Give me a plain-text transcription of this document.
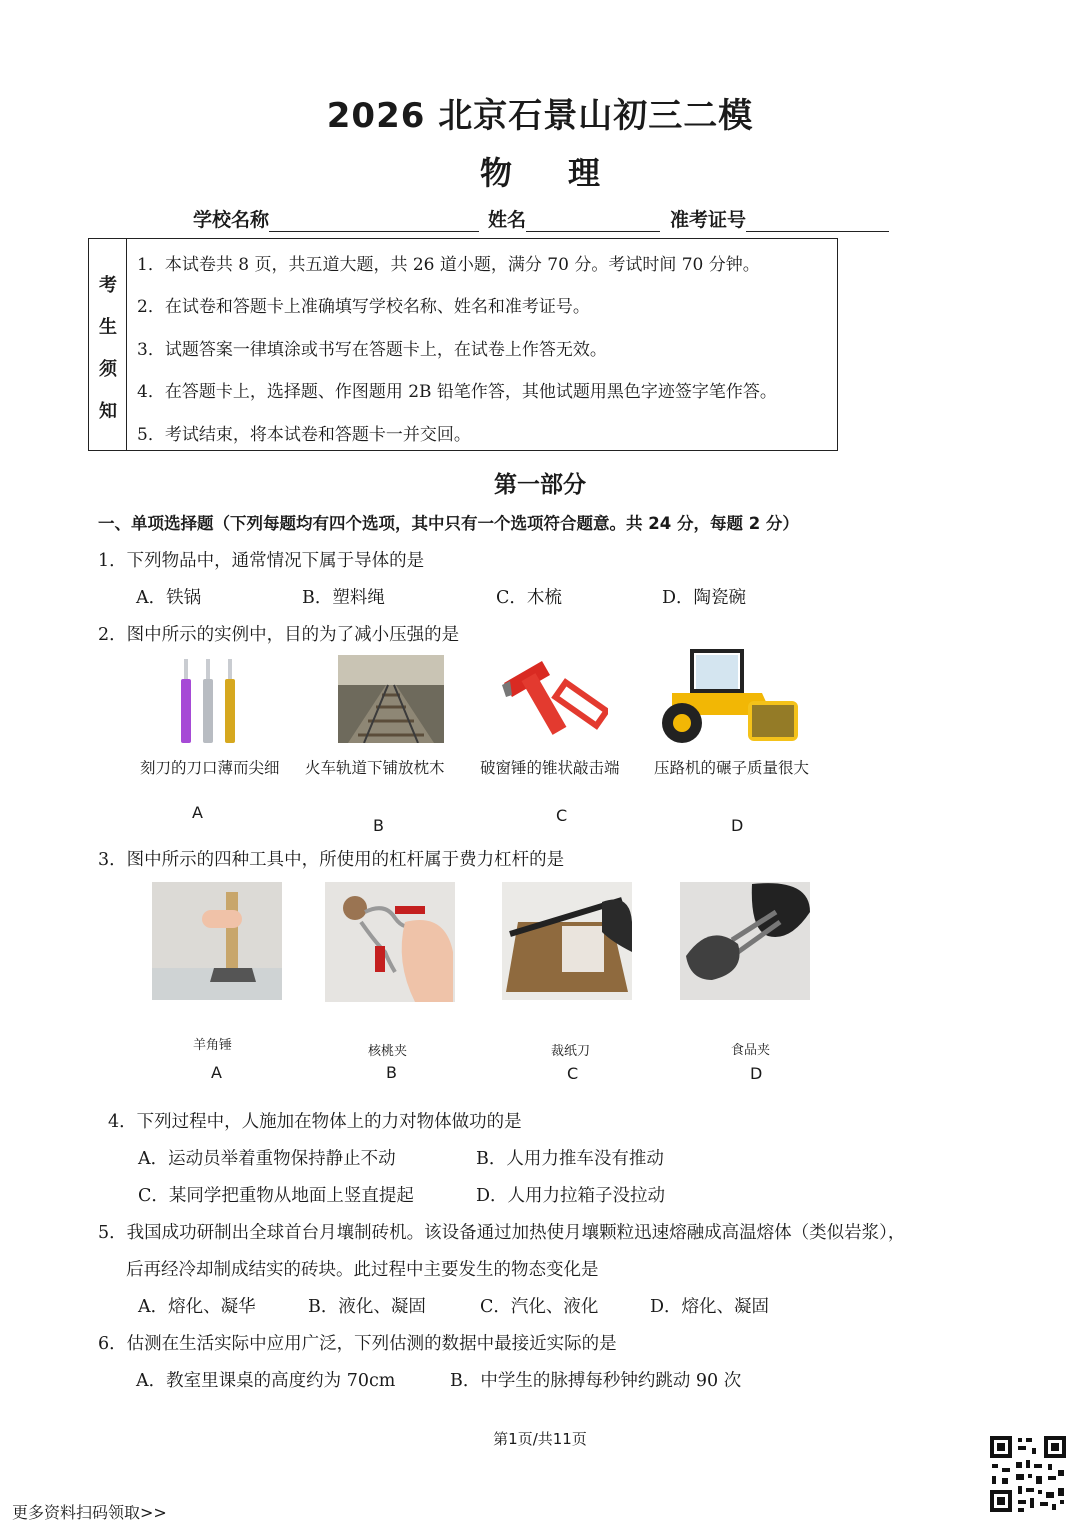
2026 北京石景山初三二模
物 理
学校名称	姓名	准考证号
考
生
须
知
1．本试卷共 8 页，共五道大题，共 26 道小题，满分 70 分。考试时间 70 分钟。
2．在试卷和答题卡上准确填写学校名称、姓名和准考证号。
3．试题答案一律填涂或书写在答题卡上，在试卷上作答无效。
4．在答题卡上，选择题、作图题用 2B 铅笔作答，其他试题用黑色字迹签字笔作答。
5．考试结束，将本试卷和答题卡一并交回。
第一部分
一、单项选择题（下列每题均有四个选项，其中只有一个选项符合题意。共 24 分，每题 2 分）
1．下列物品中，通常情况下属于导体的是
A．铁锅	B．塑料绳	C．木梳	D．陶瓷碗
2．图中所示的实例中，目的为了减小压强的是
刻刀的刀口薄而尖细 火车轨道下铺放枕木 破窗锤的锥状敲击端 压路机的碾子质量很大
A
B
C
D
3．图中所示的四种工具中，所使用的杠杆属于费力杠杆的是
羊角锤	核桃夹	裁纸刀	食品夹
A	B	C	D
4．下列过程中，人施加在物体上的力对物体做功的是
A．运动员举着重物保持静止不动	B．人用力推车没有推动
C．某同学把重物从地面上竖直提起	D．人用力拉箱子没拉动
5．我国成功研制出全球首台月壤制砖机。该设备通过加热使月壤颗粒迅速熔融成高温熔体（类似岩浆），
后再经冷却制成结实的砖块。此过程中主要发生的物态变化是
A．熔化、凝华	B．液化、凝固	C．汽化、液化	D．熔化、凝固
6．估测在生活实际中应用广泛，下列估测的数据中最接近实际的是
A．教室里课桌的高度约为 70cm	B．中学生的脉搏每秒钟约跳动 90 次
第1页/共11页
更多资料扫码领取>>
